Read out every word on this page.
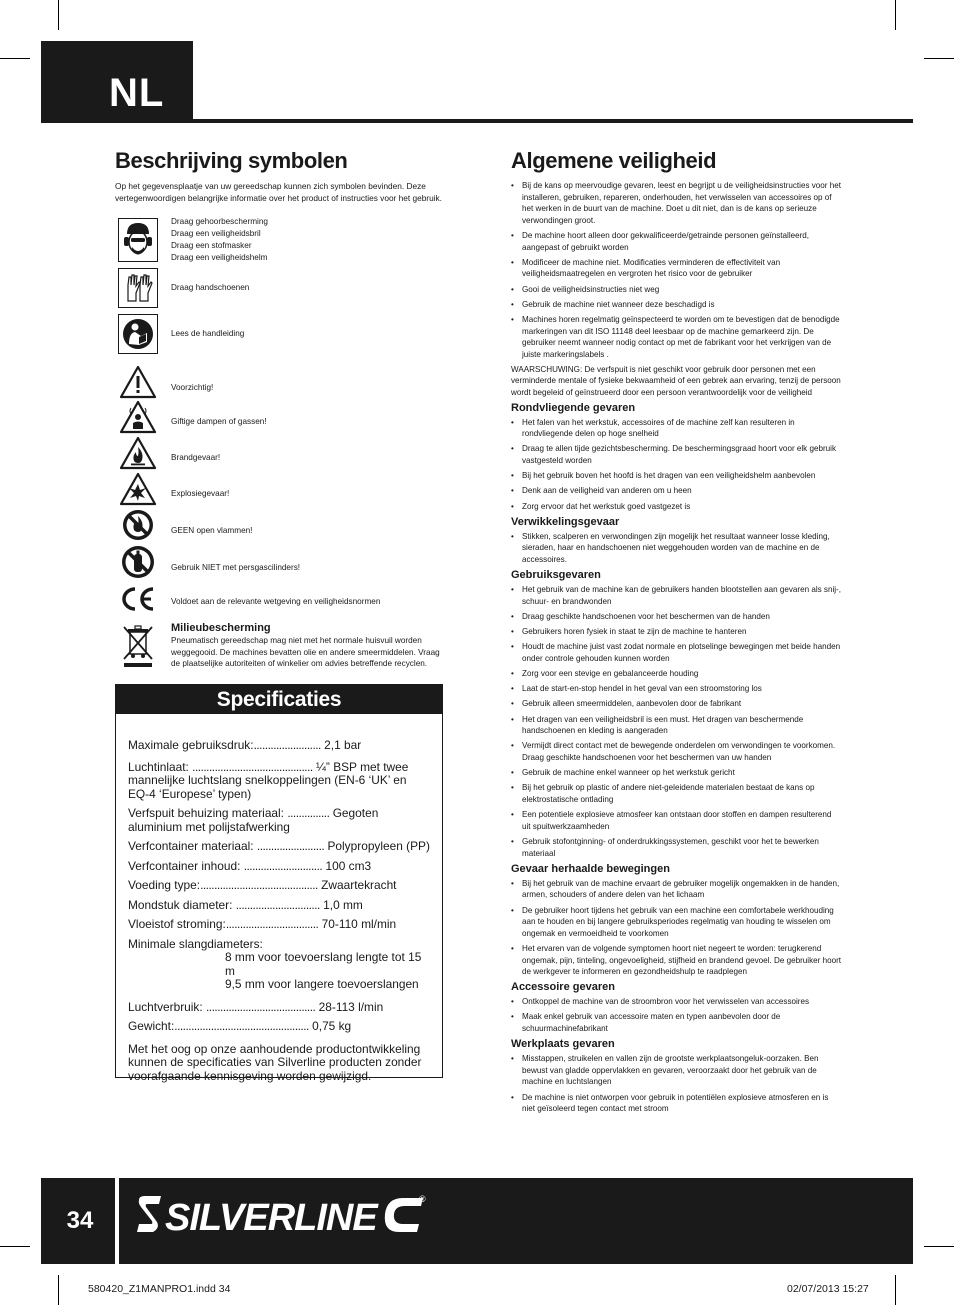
NL
Beschrijving symbolen
Op het gegevensplaatje van uw gereedschap kunnen zich symbolen bevinden. Deze vertegenwoordigen belangrijke informatie over het product of instructies voor het gebruik.
Draag gehoorbescherming
Draag een veiligheidsbril
Draag een stofmasker
Draag een veiligheidshelm
Draag handschoenen
Lees de handleiding
Voorzichtig!
Giftige dampen of gassen!
Brandgevaar!
Explosiegevaar!
GEEN open vlammen!
Gebruik NIET met persgascilinders!
Voldoet aan de relevante wetgeving en veiligheidsnormen
Milieubescherming
Pneumatisch gereedschap mag niet met het normale huisvuil worden weggegooid. De machines bevatten olie en andere smeermiddelen. Vraag de plaatselijke autoriteiten of winkelier om advies betreffende recyclen.
Specificaties
Maximale gebruiksdruk:........................ 2,1 bar
Luchtinlaat: ........................................... ¼” BSP met twee mannelijke luchtslang snelkoppelingen (EN-6 ‘UK’ en EQ-4 ‘Europese’ typen)
Verfspuit behuizing materiaal: ............... Gegoten aluminium met polijstafwerking
Verfcontainer materiaal: ........................ Polypropyleen (PP)
Verfcontainer inhoud: ............................ 100 cm3
Voeding type:.......................................... Zwaartekracht
Mondstuk diameter: .............................. 1,0 mm
Vloeistof stroming:................................. 70-110 ml/min
Minimale slangdiameters:
8 mm voor toevoerslang lengte tot 15 m
9,5 mm voor langere toevoerslangen
Luchtverbruik: ....................................... 28-113 l/min
Gewicht:................................................ 0,75 kg
Met het oog op onze aanhoudende productontwikkeling kunnen de specificaties van Silverline producten zonder voorafgaande kennisgeving worden gewijzigd.
Algemene veiligheid
• Bij de kans op meervoudige gevaren, leest en begrijpt u de veiligheidsinstructies voor het installeren, gebruiken, repareren, onderhouden, het verwisselen van accessoires op of het werken in de buurt van de machine. Doet u dit niet, dan is de kans op serieuze verwondingen groot.
• De machine hoort alleen door gekwalificeerde/getrainde personen geïnstalleerd, aangepast of gebruikt worden
• Modificeer de machine niet. Modificaties verminderen de effectiviteit van veiligheidsmaatregelen en vergroten het risico voor de gebruiker
• Gooi de veiligheidsinstructies niet weg
• Gebruik de machine niet wanneer deze beschadigd is
• Machines horen regelmatig geïnspecteerd te worden om te bevestigen dat de benodigde markeringen van dit ISO 11148 deel leesbaar op de machine gemarkeerd zijn. De gebruiker neemt wanneer nodig contact op met de fabrikant voor het verkrijgen van de juiste markeringslabels .
WAARSCHUWING: De verfspuit is niet geschikt voor gebruik door personen met een verminderde mentale of fysieke bekwaamheid of een gebrek aan ervaring, tenzij de persoon wordt begeleid of geïnstrueerd door een persoon verantwoordelijk voor de veiligheid
Rondvliegende gevaren
• Het falen van het werkstuk, accessoires of de machine zelf kan resulteren in rondvliegende delen op hoge snelheid
• Draag te allen tijde gezichtsbescherming. De beschermingsgraad hoort voor elk gebruik vastgesteld worden
• Bij het gebruik boven het hoofd is het dragen van een veiligheidshelm aanbevolen
• Denk aan de veiligheid van anderen om u heen
• Zorg ervoor dat het werkstuk goed vastgezet is
Verwikkelingsgevaar
• Stikken, scalperen en verwondingen zijn mogelijk het resultaat wanneer losse kleding, sieraden, haar en handschoenen niet weggehouden worden van de machine en de accessoires.
Gebruiksgevaren
• Het gebruik van de machine kan de gebruikers handen blootstellen aan gevaren als snij-, schuur- en brandwonden
• Draag geschikte handschoenen voor het beschermen van de handen
• Gebruikers horen fysiek in staat te zijn de machine te hanteren
• Houdt de machine juist vast zodat normale en plotselinge bewegingen met beide handen onder controle gehouden kunnen worden
• Zorg voor een stevige en gebalanceerde houding
• Laat de start-en-stop hendel in het geval van een stroomstoring los
• Gebruik alleen smeermiddelen, aanbevolen door de fabrikant
• Het dragen van een veiligheidsbril is een must. Het dragen van beschermende handschoenen en kleding is aangeraden
• Vermijdt direct contact met de bewegende onderdelen om verwondingen te voorkomen. Draag geschikte handschoenen voor het beschermen van uw handen
• Gebruik de machine enkel wanneer op het werkstuk gericht
• Bij het gebruik op plastic of andere niet-geleidende materialen bestaat de kans op elektrostatische ontlading
• Een potentiele explosieve atmosfeer kan ontstaan door stoffen en dampen resulterend uit spuitwerkzaamheden
• Gebruik stofontginning- of onderdrukkingssystemen, geschikt voor het te bewerken materiaal
Gevaar herhaalde bewegingen
• Bij het gebruik van de machine ervaart de gebruiker mogelijk ongemakken in de handen, armen, schouders of andere delen van het lichaam
• De gebruiker hoort tijdens het gebruik van een machine een comfortabele werkhouding aan te houden en bij langere gebruiksperiodes regelmatig van houding te wisselen om ongemak en vermoeidheid te voorkomen
• Het ervaren van de volgende symptomen hoort niet negeert te worden: terugkerend ongemak, pijn, tinteling, ongevoeligheid, stijfheid en brandend gevoel. De gebruiker hoort de werkgever te informeren en gezondheidshulp te raadplegen
Accessoire gevaren
• Ontkoppel de machine van de stroombron voor het verwisselen van accessoires
• Maak enkel gebruik van accessoire maten en typen aanbevolen door de schuurmachinefabrikant
Werkplaats gevaren
• Misstappen, struikelen en vallen zijn de grootste werkplaatsongeluk-oorzaken. Ben bewust van gladde oppervlakken en gevaren, veroorzaakt door het gebruik van de machine en luchtslangen
• De machine is niet ontworpen voor gebruik in potentiëlen explosieve atmosferen en is niet geïsoleerd tegen contact met stroom
34	SILVERLINE	®
580420_Z1MANPRO1.indd 34	02/07/2013 15:27
